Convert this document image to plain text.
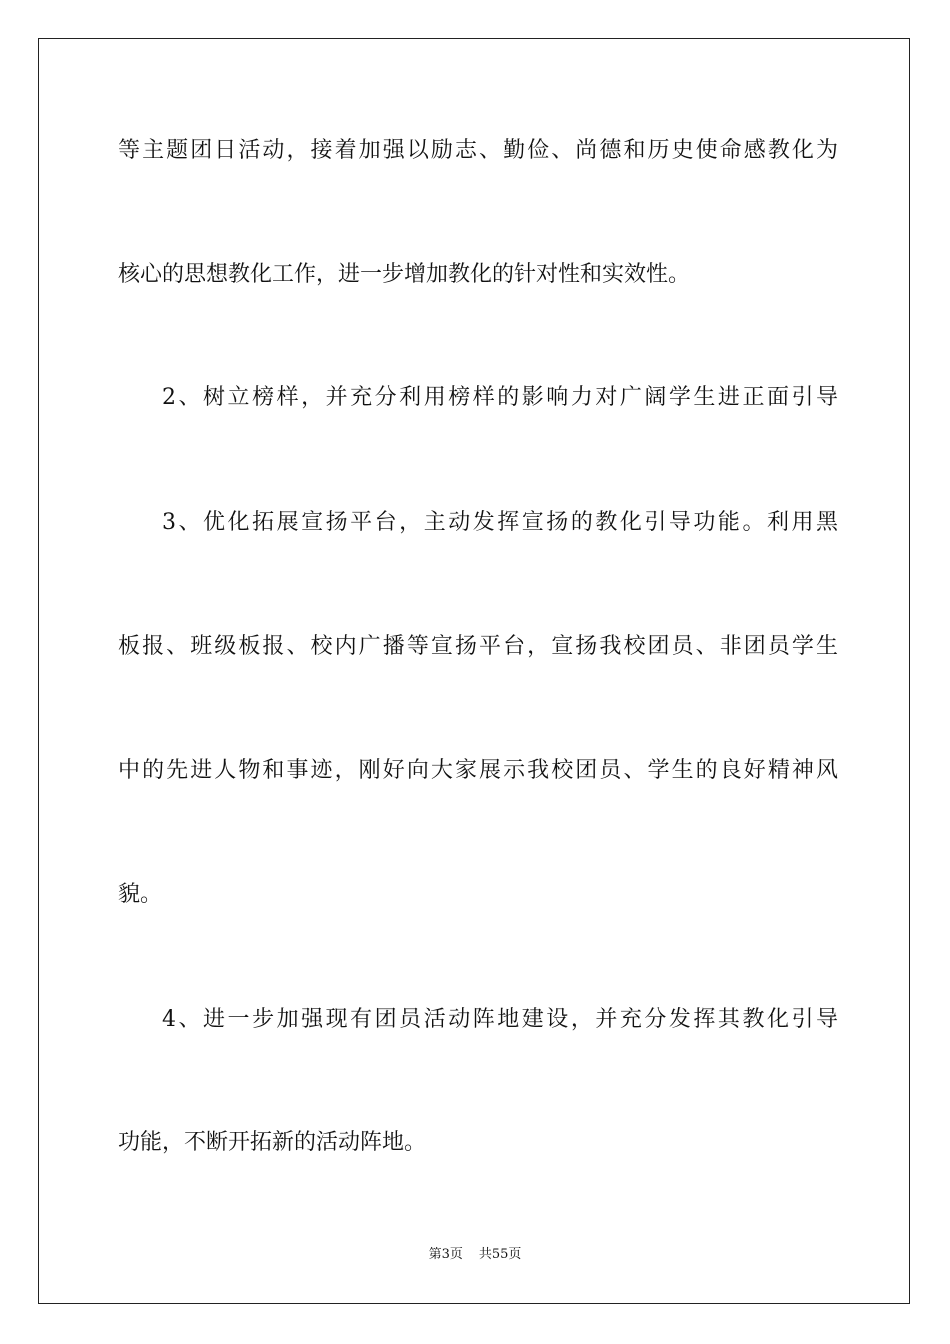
等主题团日活动，接着加强以励志、勤俭、尚德和历史使命感教化为
核心的思想教化工作，进一步增加教化的针对性和实效性。
2、树立榜样，并充分利用榜样的影响力对广阔学生进正面引导
3、优化拓展宣扬平台，主动发挥宣扬的教化引导功能。利用黑
板报、班级板报、校内广播等宣扬平台，宣扬我校团员、非团员学生
中的先进人物和事迹，刚好向大家展示我校团员、学生的良好精神风
貌。
4、进一步加强现有团员活动阵地建设，并充分发挥其教化引导
功能，不断开拓新的活动阵地。
第3页 共55页
